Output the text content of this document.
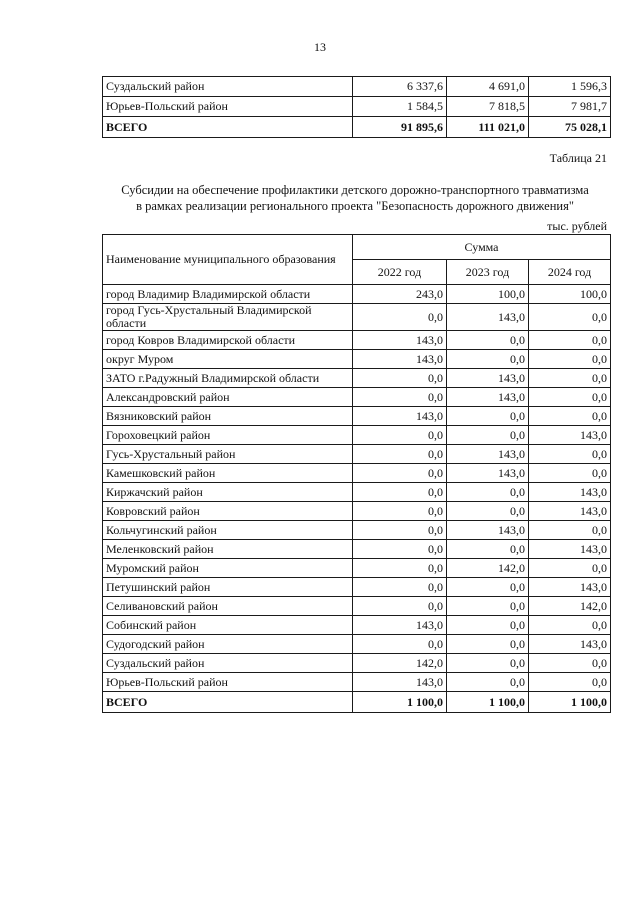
13
Суздальский район	6 337,6	4 691,0	1 596,3
Юрьев-Польский район	1 584,5	7 818,5	7 981,7
ВСЕГО	91 895,6	111 021,0	75 028,1
Таблица 21
Субсидии на обеспечение профилактики детского дорожно-транспортного травматизма
в рамках реализации регионального проекта "Безопасность дорожного движения"
тыс. рублей
Наименование муниципального образования	Сумма		
	2022 год	2023 год	2024 год
город Владимир Владимирской области	243,0	100,0	100,0
город Гусь-Хрустальный Владимирской области	0,0	143,0	0,0
город Ковров Владимирской области	143,0	0,0	0,0
округ Муром	143,0	0,0	0,0
ЗАТО г.Радужный Владимирской области	0,0	143,0	0,0
Александровский район	0,0	143,0	0,0
Вязниковский район	143,0	0,0	0,0
Гороховецкий район	0,0	0,0	143,0
Гусь-Хрустальный район	0,0	143,0	0,0
Камешковский район	0,0	143,0	0,0
Киржачский район	0,0	0,0	143,0
Ковровский район	0,0	0,0	143,0
Кольчугинский район	0,0	143,0	0,0
Меленковский район	0,0	0,0	143,0
Муромский район	0,0	142,0	0,0
Петушинский район	0,0	0,0	143,0
Селивановский район	0,0	0,0	142,0
Собинский район	143,0	0,0	0,0
Судогодский район	0,0	0,0	143,0
Суздальский район	142,0	0,0	0,0
Юрьев-Польский район	143,0	0,0	0,0
ВСЕГО	1 100,0	1 100,0	1 100,0
